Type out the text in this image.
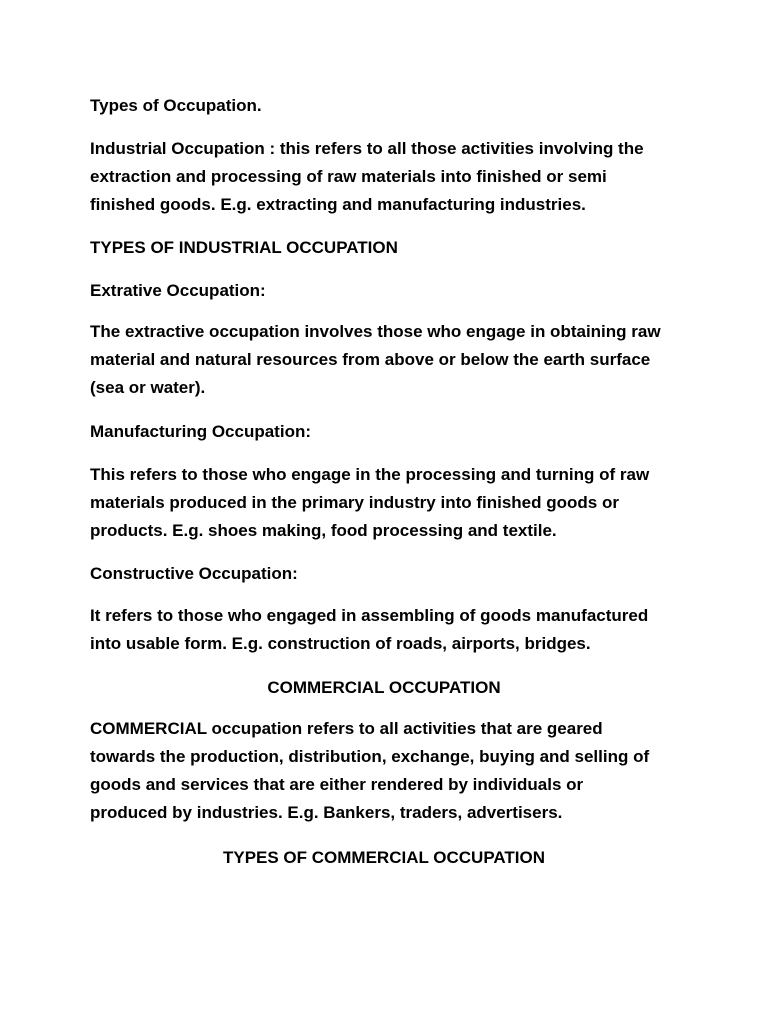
Types of Occupation.

Industrial Occupation : this refers to all those activities involving the
extraction and processing of raw materials into finished or semi
finished goods. E.g. extracting and manufacturing industries.

TYPES OF INDUSTRIAL OCCUPATION

Extrative Occupation:

The extractive occupation involves those who engage in obtaining raw
material and natural resources from above or below the earth surface
(sea or water).

Manufacturing Occupation:

This refers to those who engage in the processing and turning of raw
materials produced in the primary industry into finished goods or
products. E.g. shoes making, food processing and textile.

Constructive Occupation:

It refers to those who engaged in assembling of goods manufactured
into usable form. E.g. construction of roads, airports, bridges.

COMMERCIAL OCCUPATION

COMMERCIAL occupation refers to all activities that are geared
towards the production, distribution, exchange, buying and selling of
goods and services that are either rendered by individuals or
produced by industries. E.g. Bankers, traders, advertisers.

TYPES OF COMMERCIAL OCCUPATION
